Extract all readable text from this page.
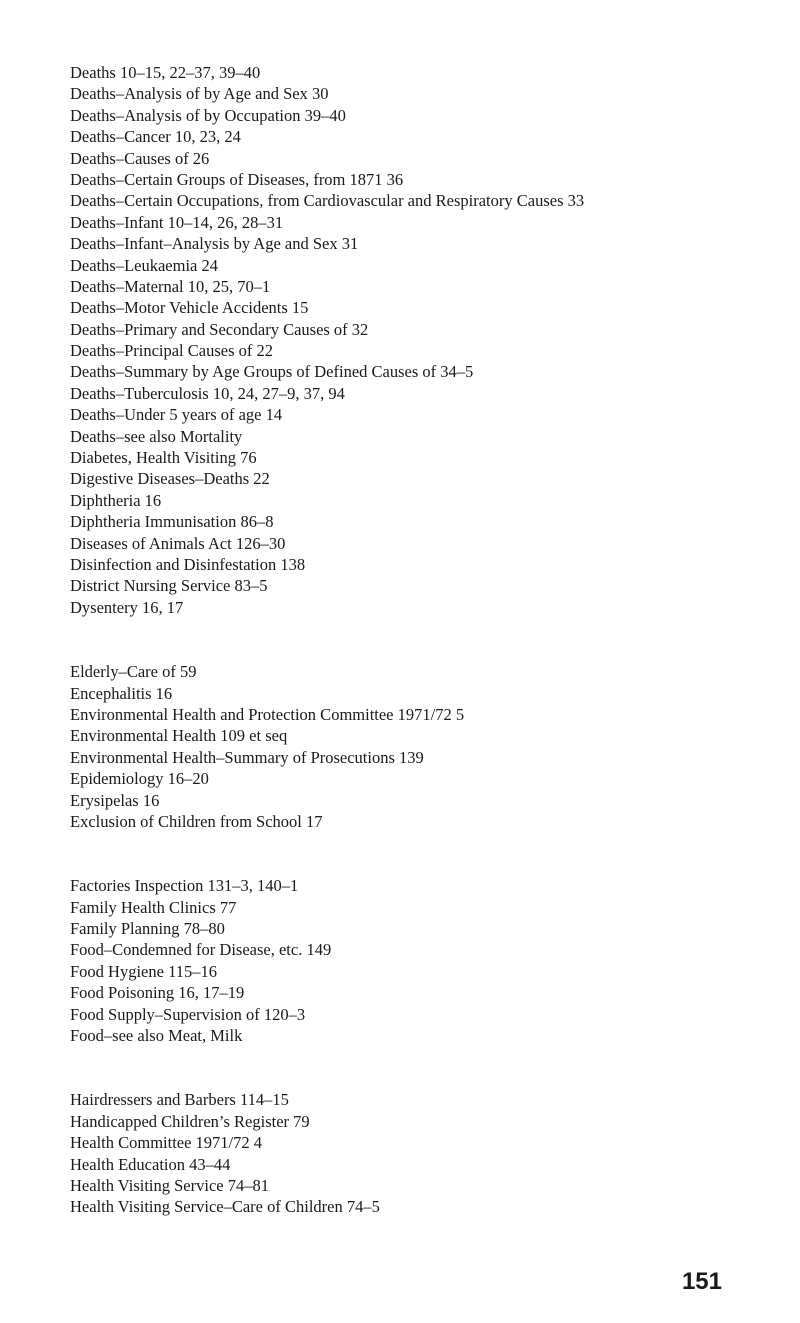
Deaths 10–15, 22–37, 39–40
Deaths–Analysis of by Age and Sex 30
Deaths–Analysis of by Occupation 39–40
Deaths–Cancer 10, 23, 24
Deaths–Causes of 26
Deaths–Certain Groups of Diseases, from 1871 36
Deaths–Certain Occupations, from Cardiovascular and Respiratory Causes 33
Deaths–Infant 10–14, 26, 28–31
Deaths–Infant–Analysis by Age and Sex 31
Deaths–Leukaemia 24
Deaths–Maternal 10, 25, 70–1
Deaths–Motor Vehicle Accidents 15
Deaths–Primary and Secondary Causes of 32
Deaths–Principal Causes of 22
Deaths–Summary by Age Groups of Defined Causes of 34–5
Deaths–Tuberculosis 10, 24, 27–9, 37, 94
Deaths–Under 5 years of age 14
Deaths–see also Mortality
Diabetes, Health Visiting 76
Digestive Diseases–Deaths 22
Diphtheria 16
Diphtheria Immunisation 86–8
Diseases of Animals Act 126–30
Disinfection and Disinfestation 138
District Nursing Service 83–5
Dysentery 16, 17
Elderly–Care of 59
Encephalitis 16
Environmental Health and Protection Committee 1971/72 5
Environmental Health 109 et seq
Environmental Health–Summary of Prosecutions 139
Epidemiology 16–20
Erysipelas 16
Exclusion of Children from School 17
Factories Inspection 131–3, 140–1
Family Health Clinics 77
Family Planning 78–80
Food–Condemned for Disease, etc. 149
Food Hygiene 115–16
Food Poisoning 16, 17–19
Food Supply–Supervision of 120–3
Food–see also Meat, Milk
Hairdressers and Barbers 114–15
Handicapped Children’s Register 79
Health Committee 1971/72 4
Health Education 43–44
Health Visiting Service 74–81
Health Visiting Service–Care of Children 74–5
151
